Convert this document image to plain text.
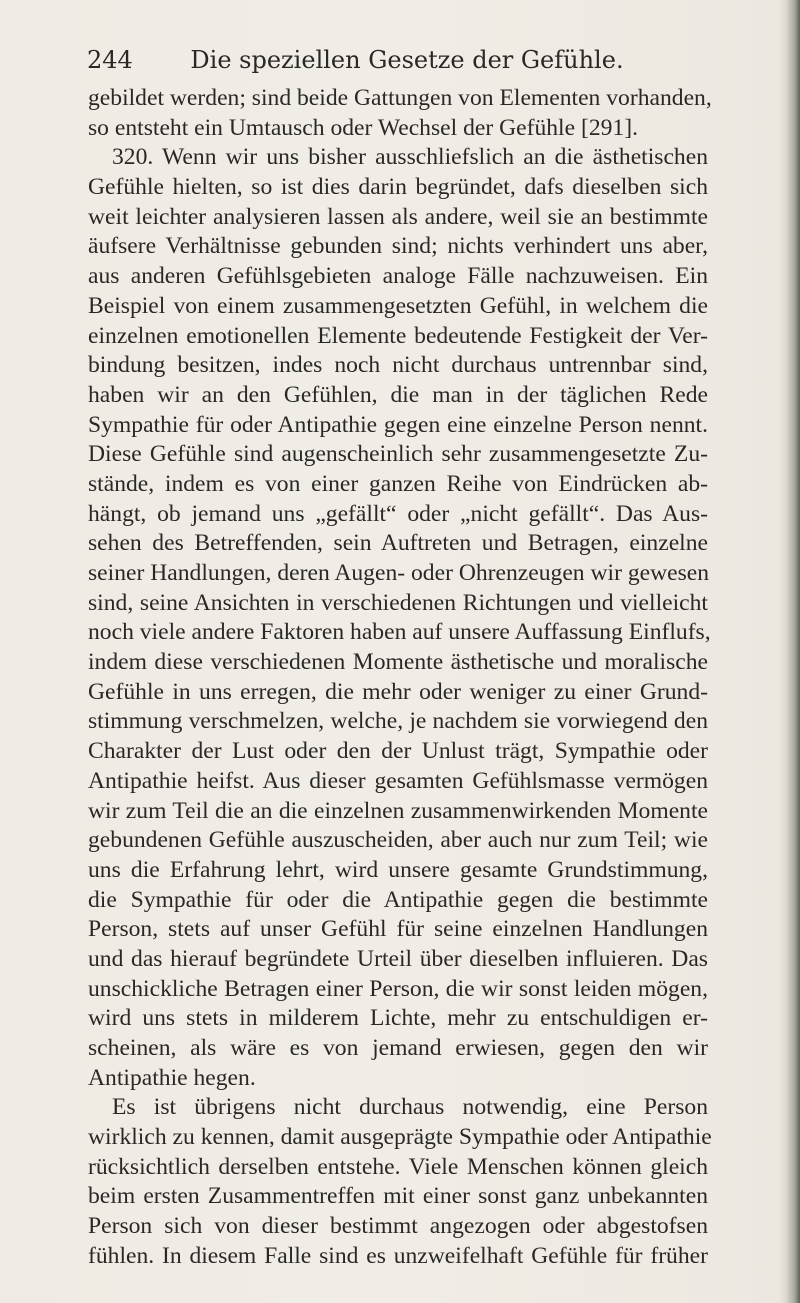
244	Die speziellen Gesetze der Gefühle.
gebildet werden; sind beide Gattungen von Elementen vorhanden,
so entsteht ein Umtausch oder Wechsel der Gefühle [291].
320. Wenn wir uns bisher ausschliefslich an die ästhetischen
Gefühle hielten, so ist dies darin begründet, dafs dieselben sich
weit leichter analysieren lassen als andere, weil sie an bestimmte
äufsere Verhältnisse gebunden sind; nichts verhindert uns aber,
aus anderen Gefühlsgebieten analoge Fälle nachzuweisen. Ein
Beispiel von einem zusammengesetzten Gefühl, in welchem die
einzelnen emotionellen Elemente bedeutende Festigkeit der Ver-
bindung besitzen, indes noch nicht durchaus untrennbar sind,
haben wir an den Gefühlen, die man in der täglichen Rede
Sympathie für oder Antipathie gegen eine einzelne Person nennt.
Diese Gefühle sind augenscheinlich sehr zusammengesetzte Zu-
stände, indem es von einer ganzen Reihe von Eindrücken ab-
hängt, ob jemand uns „gefällt“ oder „nicht gefällt“. Das Aus-
sehen des Betreffenden, sein Auftreten und Betragen, einzelne
seiner Handlungen, deren Augen- oder Ohrenzeugen wir gewesen
sind, seine Ansichten in verschiedenen Richtungen und vielleicht
noch viele andere Faktoren haben auf unsere Auffassung Einflufs,
indem diese verschiedenen Momente ästhetische und moralische
Gefühle in uns erregen, die mehr oder weniger zu einer Grund-
stimmung verschmelzen, welche, je nachdem sie vorwiegend den
Charakter der Lust oder den der Unlust trägt, Sympathie oder
Antipathie heifst. Aus dieser gesamten Gefühlsmasse vermögen
wir zum Teil die an die einzelnen zusammenwirkenden Momente
gebundenen Gefühle auszuscheiden, aber auch nur zum Teil; wie
uns die Erfahrung lehrt, wird unsere gesamte Grundstimmung,
die Sympathie für oder die Antipathie gegen die bestimmte
Person, stets auf unser Gefühl für seine einzelnen Handlungen
und das hierauf begründete Urteil über dieselben influieren. Das
unschickliche Betragen einer Person, die wir sonst leiden mögen,
wird uns stets in milderem Lichte, mehr zu entschuldigen er-
scheinen, als wäre es von jemand erwiesen, gegen den wir
Antipathie hegen.
Es ist übrigens nicht durchaus notwendig, eine Person
wirklich zu kennen, damit ausgeprägte Sympathie oder Antipathie
rücksichtlich derselben entstehe. Viele Menschen können gleich
beim ersten Zusammentreffen mit einer sonst ganz unbekannten
Person sich von dieser bestimmt angezogen oder abgestofsen
fühlen. In diesem Falle sind es unzweifelhaft Gefühle für früher
